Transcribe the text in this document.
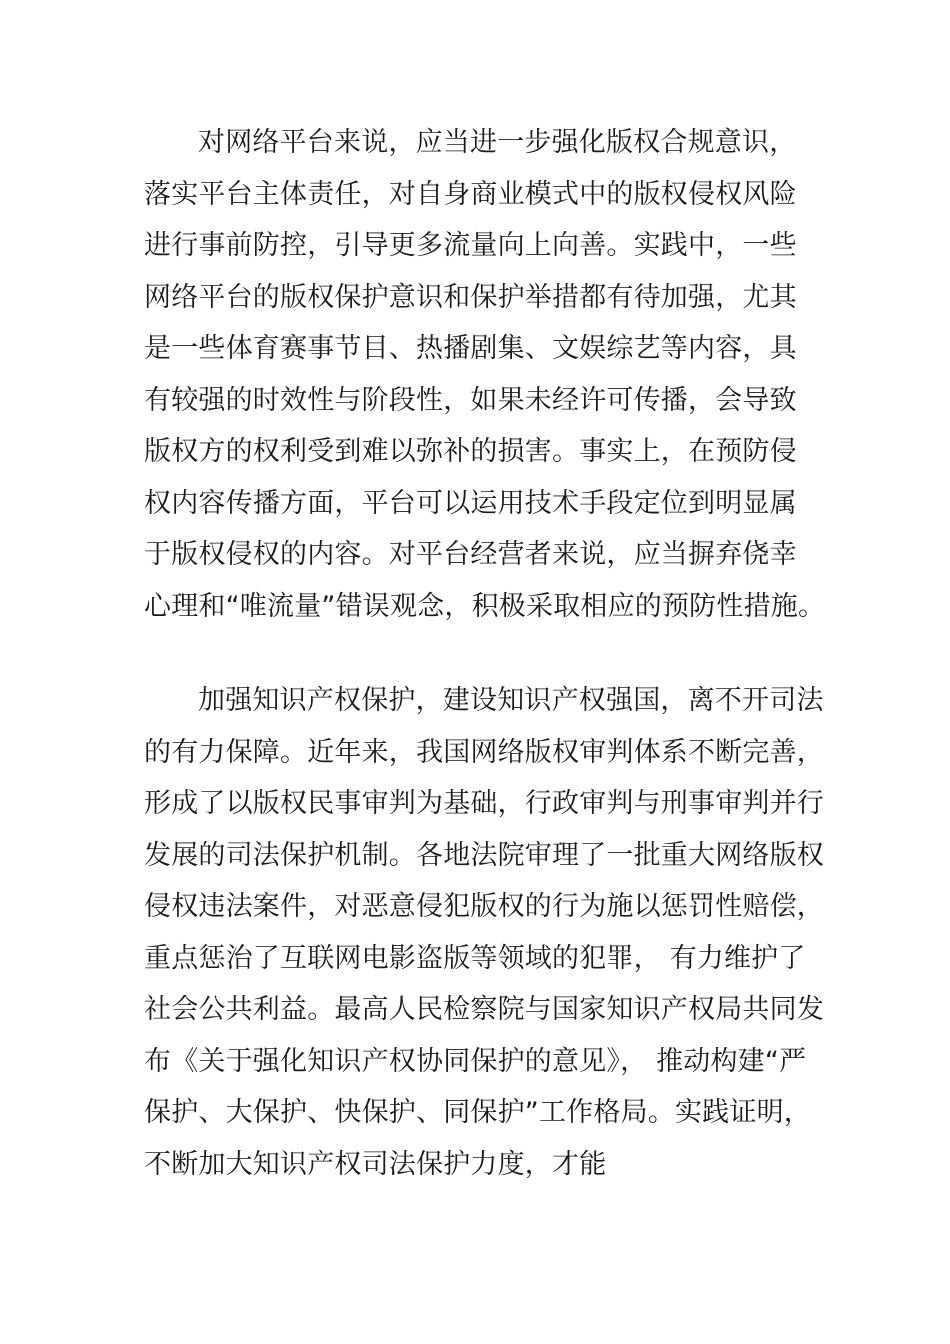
对网络平台来说，应当进一步强化版权合规意识，
落实平台主体责任，对自身商业模式中的版权侵权风险
进行事前防控，引导更多流量向上向善。实践中，一些
网络平台的版权保护意识和保护举措都有待加强，尤其
是一些体育赛事节目、热播剧集、文娱综艺等内容，具
有较强的时效性与阶段性，如果未经许可传播，会导致
版权方的权利受到难以弥补的损害。事实上，在预防侵
权内容传播方面，平台可以运用技术手段定位到明显属
于版权侵权的内容。对平台经营者来说，应当摒弃侥幸
心理和“唯流量”错误观念，积极采取相应的预防性措施。

加强知识产权保护，建设知识产权强国，离不开司法
的有力保障。近年来，我国网络版权审判体系不断完善，
形成了以版权民事审判为基础，行政审判与刑事审判并行
发展的司法保护机制。各地法院审理了一批重大网络版权
侵权违法案件，对恶意侵犯版权的行为施以惩罚性赔偿，
重点惩治了互联网电影盗版等领域的犯罪， 有力维护了
社会公共利益。最高人民检察院与国家知识产权局共同发
布《关于强化知识产权协同保护的意见》， 推动构建“严
保护、大保护、快保护、同保护”工作格局。实践证明，
不断加大知识产权司法保护力度，才能
